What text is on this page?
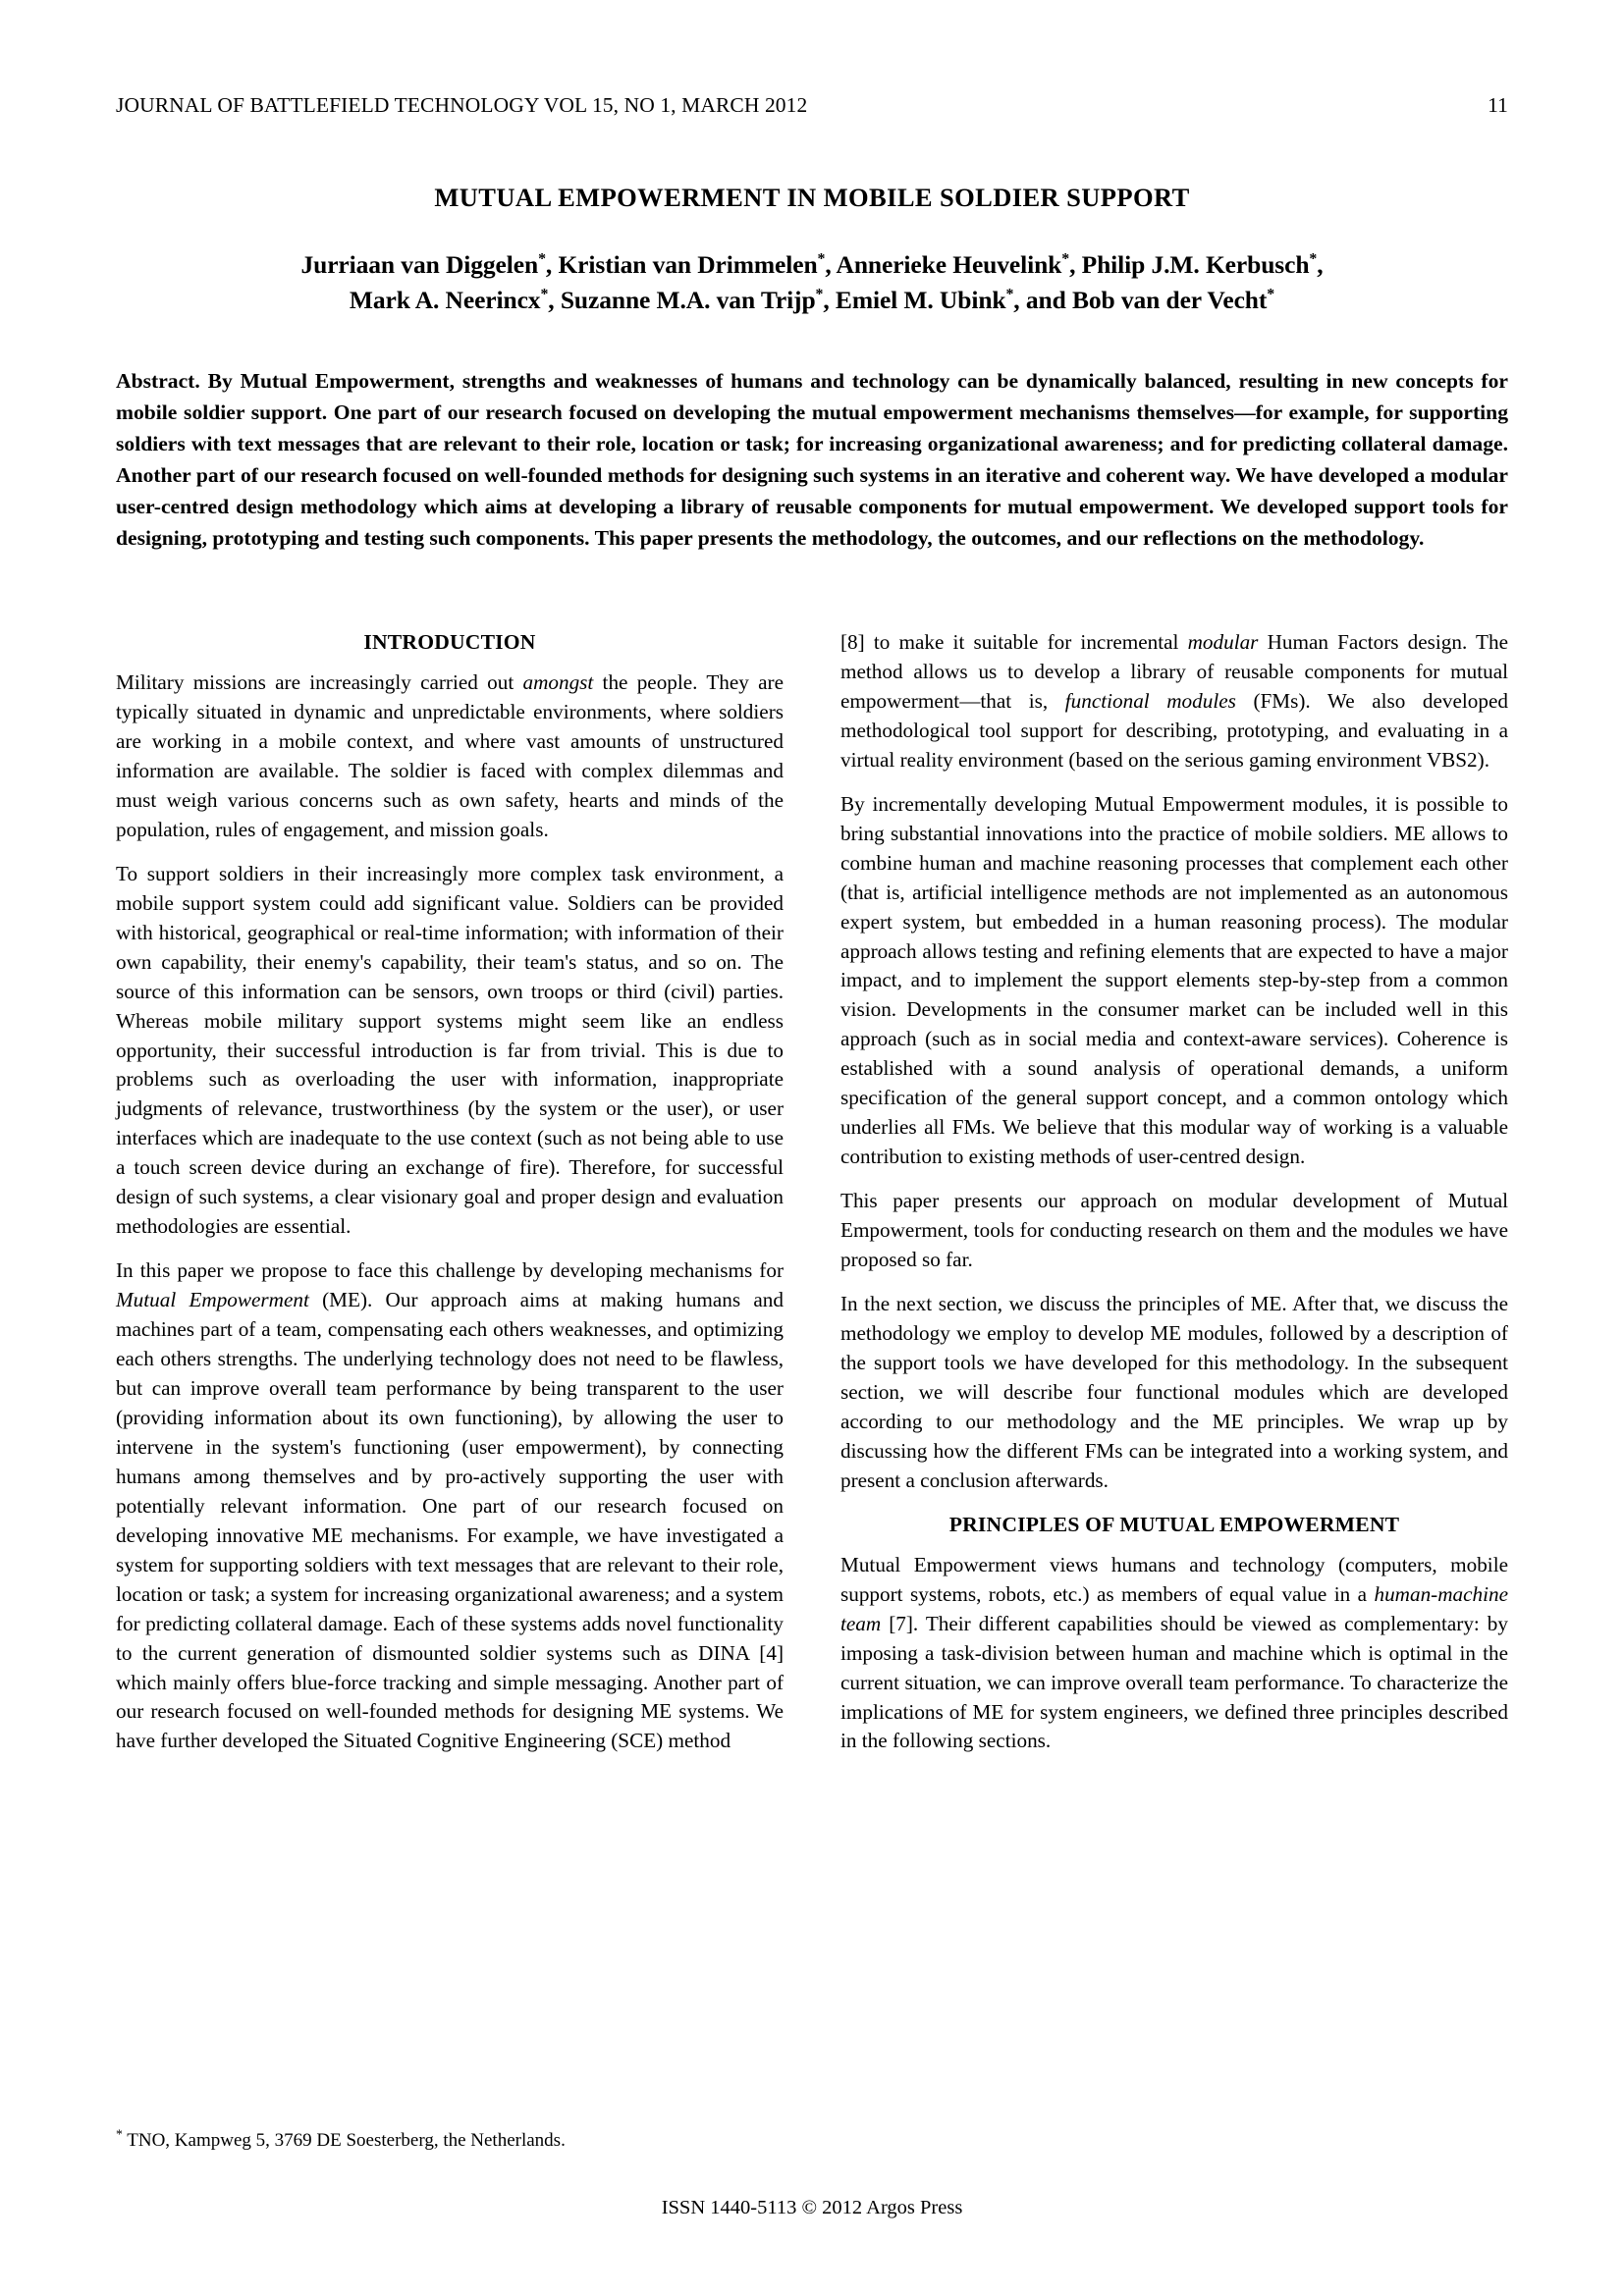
JOURNAL OF BATTLEFIELD TECHNOLOGY VOL 15, NO 1, MARCH 2012	11
MUTUAL EMPOWERMENT IN MOBILE SOLDIER SUPPORT
Jurriaan van Diggelen*, Kristian van Drimmelen*, Annerieke Heuvelink*, Philip J.M. Kerbusch*,
Mark A. Neerincx*, Suzanne M.A. van Trijp*, Emiel M. Ubink*, and Bob van der Vecht*

Abstract. By Mutual Empowerment, strengths and weaknesses of humans and technology can be dynamically balanced, resulting in new concepts for mobile soldier support. One part of our research focused on developing the mutual empowerment mechanisms themselves—for example, for supporting soldiers with text messages that are relevant to their role, location or task; for increasing organizational awareness; and for predicting collateral damage. Another part of our research focused on well-founded methods for designing such systems in an iterative and coherent way. We have developed a modular user-centred design methodology which aims at developing a library of reusable components for mutual empowerment. We developed support tools for designing, prototyping and testing such components. This paper presents the methodology, the outcomes, and our reflections on the methodology.

INTRODUCTION

Military missions are increasingly carried out amongst the people. They are typically situated in dynamic and unpredictable environments, where soldiers are working in a mobile context, and where vast amounts of unstructured information are available. The soldier is faced with complex dilemmas and must weigh various concerns such as own safety, hearts and minds of the population, rules of engagement, and mission goals.

To support soldiers in their increasingly more complex task environment, a mobile support system could add significant value. Soldiers can be provided with historical, geographical or real-time information; with information of their own capability, their enemy's capability, their team's status, and so on. The source of this information can be sensors, own troops or third (civil) parties. Whereas mobile military support systems might seem like an endless opportunity, their successful introduction is far from trivial. This is due to problems such as overloading the user with information, inappropriate judgments of relevance, trustworthiness (by the system or the user), or user interfaces which are inadequate to the use context (such as not being able to use a touch screen device during an exchange of fire). Therefore, for successful design of such systems, a clear visionary goal and proper design and evaluation methodologies are essential.

In this paper we propose to face this challenge by developing mechanisms for Mutual Empowerment (ME). Our approach aims at making humans and machines part of a team, compensating each others weaknesses, and optimizing each others strengths. The underlying technology does not need to be flawless, but can improve overall team performance by being transparent to the user (providing information about its own functioning), by allowing the user to intervene in the system's functioning (user empowerment), by connecting humans among themselves and by pro-actively supporting the user with potentially relevant information. One part of our research focused on developing innovative ME mechanisms. For example, we have investigated a system for supporting soldiers with text messages that are relevant to their role, location or task; a system for increasing organizational awareness; and a system for predicting collateral damage. Each of these systems adds novel functionality to the current generation of dismounted soldier systems such as DINA [4] which mainly offers blue-force tracking and simple messaging. Another part of our research focused on well-founded methods for designing ME systems. We have further developed the Situated Cognitive Engineering (SCE) method

[8] to make it suitable for incremental modular Human Factors design. The method allows us to develop a library of reusable components for mutual empowerment—that is, functional modules (FMs). We also developed methodological tool support for describing, prototyping, and evaluating in a virtual reality environment (based on the serious gaming environment VBS2).

By incrementally developing Mutual Empowerment modules, it is possible to bring substantial innovations into the practice of mobile soldiers. ME allows to combine human and machine reasoning processes that complement each other (that is, artificial intelligence methods are not implemented as an autonomous expert system, but embedded in a human reasoning process). The modular approach allows testing and refining elements that are expected to have a major impact, and to implement the support elements step-by-step from a common vision. Developments in the consumer market can be included well in this approach (such as in social media and context-aware services). Coherence is established with a sound analysis of operational demands, a uniform specification of the general support concept, and a common ontology which underlies all FMs. We believe that this modular way of working is a valuable contribution to existing methods of user-centred design.

This paper presents our approach on modular development of Mutual Empowerment, tools for conducting research on them and the modules we have proposed so far.

In the next section, we discuss the principles of ME. After that, we discuss the methodology we employ to develop ME modules, followed by a description of the support tools we have developed for this methodology. In the subsequent section, we will describe four functional modules which are developed according to our methodology and the ME principles. We wrap up by discussing how the different FMs can be integrated into a working system, and present a conclusion afterwards.

PRINCIPLES OF MUTUAL EMPOWERMENT

Mutual Empowerment views humans and technology (computers, mobile support systems, robots, etc.) as members of equal value in a human-machine team [7]. Their different capabilities should be viewed as complementary: by imposing a task-division between human and machine which is optimal in the current situation, we can improve overall team performance. To characterize the implications of ME for system engineers, we defined three principles described in the following sections.

* TNO, Kampweg 5, 3769 DE Soesterberg, the Netherlands.
ISSN 1440-5113 © 2012 Argos Press
